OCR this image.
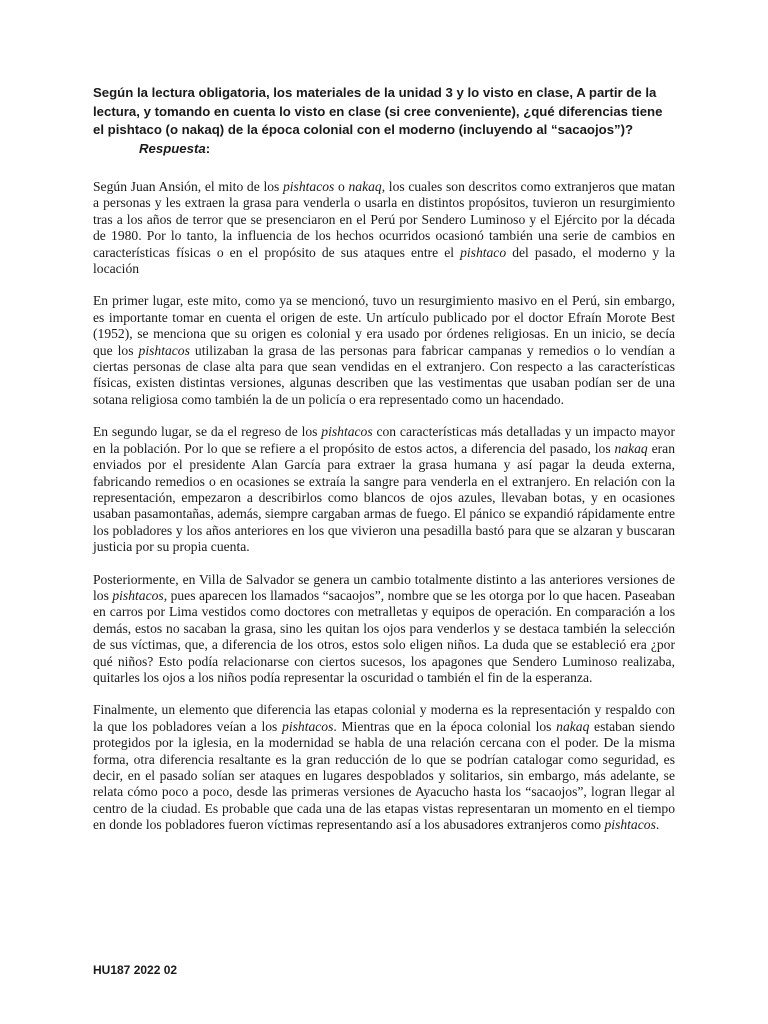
Según la lectura obligatoria, los materiales de la unidad 3 y lo visto en clase, A partir de la lectura, y tomando en cuenta lo visto en clase (si cree conveniente), ¿qué diferencias tiene el pishtaco (o nakaq) de la época colonial con el moderno (incluyendo al “sacaojos”)?

Respuesta:

Según Juan Ansión, el mito de los pishtacos o nakaq, los cuales son descritos como extranjeros que matan a personas y les extraen la grasa para venderla o usarla en distintos propósitos, tuvieron un resurgimiento tras a los años de terror que se presenciaron en el Perú por Sendero Luminoso y el Ejército por la década de 1980. Por lo tanto, la influencia de los hechos ocurridos ocasionó también una serie de cambios en características físicas o en el propósito de sus ataques entre el pishtaco del pasado, el moderno y la locación

En primer lugar, este mito, como ya se mencionó, tuvo un resurgimiento masivo en el Perú, sin embargo, es importante tomar en cuenta el origen de este. Un artículo publicado por el doctor Efraín Morote Best (1952), se menciona que su origen es colonial y era usado por órdenes religiosas. En un inicio, se decía que los pishtacos utilizaban la grasa de las personas para fabricar campanas y remedios o lo vendían a ciertas personas de clase alta para que sean vendidas en el extranjero. Con respecto a las características físicas, existen distintas versiones, algunas describen que las vestimentas que usaban podían ser de una sotana religiosa como también la de un policía o era representado como un hacendado.

En segundo lugar, se da el regreso de los pishtacos con características más detalladas y un impacto mayor en la población. Por lo que se refiere a el propósito de estos actos, a diferencia del pasado, los nakaq eran enviados por el presidente Alan García para extraer la grasa humana y así pagar la deuda externa, fabricando remedios o en ocasiones se extraía la sangre para venderla en el extranjero. En relación con la representación, empezaron a describirlos como blancos de ojos azules, llevaban botas, y en ocasiones usaban pasamontañas, además, siempre cargaban armas de fuego. El pánico se expandió rápidamente entre los pobladores y los años anteriores en los que vivieron una pesadilla bastó para que se alzaran y buscaran justicia por su propia cuenta.

Posteriormente, en Villa de Salvador se genera un cambio totalmente distinto a las anteriores versiones de los pishtacos, pues aparecen los llamados “sacaojos”, nombre que se les otorga por lo que hacen. Paseaban en carros por Lima vestidos como doctores con metralletas y equipos de operación. En comparación a los demás, estos no sacaban la grasa, sino les quitan los ojos para venderlos y se destaca también la selección de sus víctimas, que, a diferencia de los otros, estos solo eligen niños. La duda que se estableció era ¿por qué niños? Esto podía relacionarse con ciertos sucesos, los apagones que Sendero Luminoso realizaba, quitarles los ojos a los niños podía representar la oscuridad o también el fin de la esperanza.

Finalmente, un elemento que diferencia las etapas colonial y moderna es la representación y respaldo con la que los pobladores veían a los pishtacos. Mientras que en la época colonial los nakaq estaban siendo protegidos por la iglesia, en la modernidad se habla de una relación cercana con el poder. De la misma forma, otra diferencia resaltante es la gran reducción de lo que se podrían catalogar como seguridad, es decir, en el pasado solían ser ataques en lugares despoblados y solitarios, sin embargo, más adelante, se relata cómo poco a poco, desde las primeras versiones de Ayacucho hasta los “sacaojos”, logran llegar al centro de la ciudad. Es probable que cada una de las etapas vistas representaran un momento en el tiempo en donde los pobladores fueron víctimas representando así a los abusadores extranjeros como pishtacos.

HU187 2022 02
